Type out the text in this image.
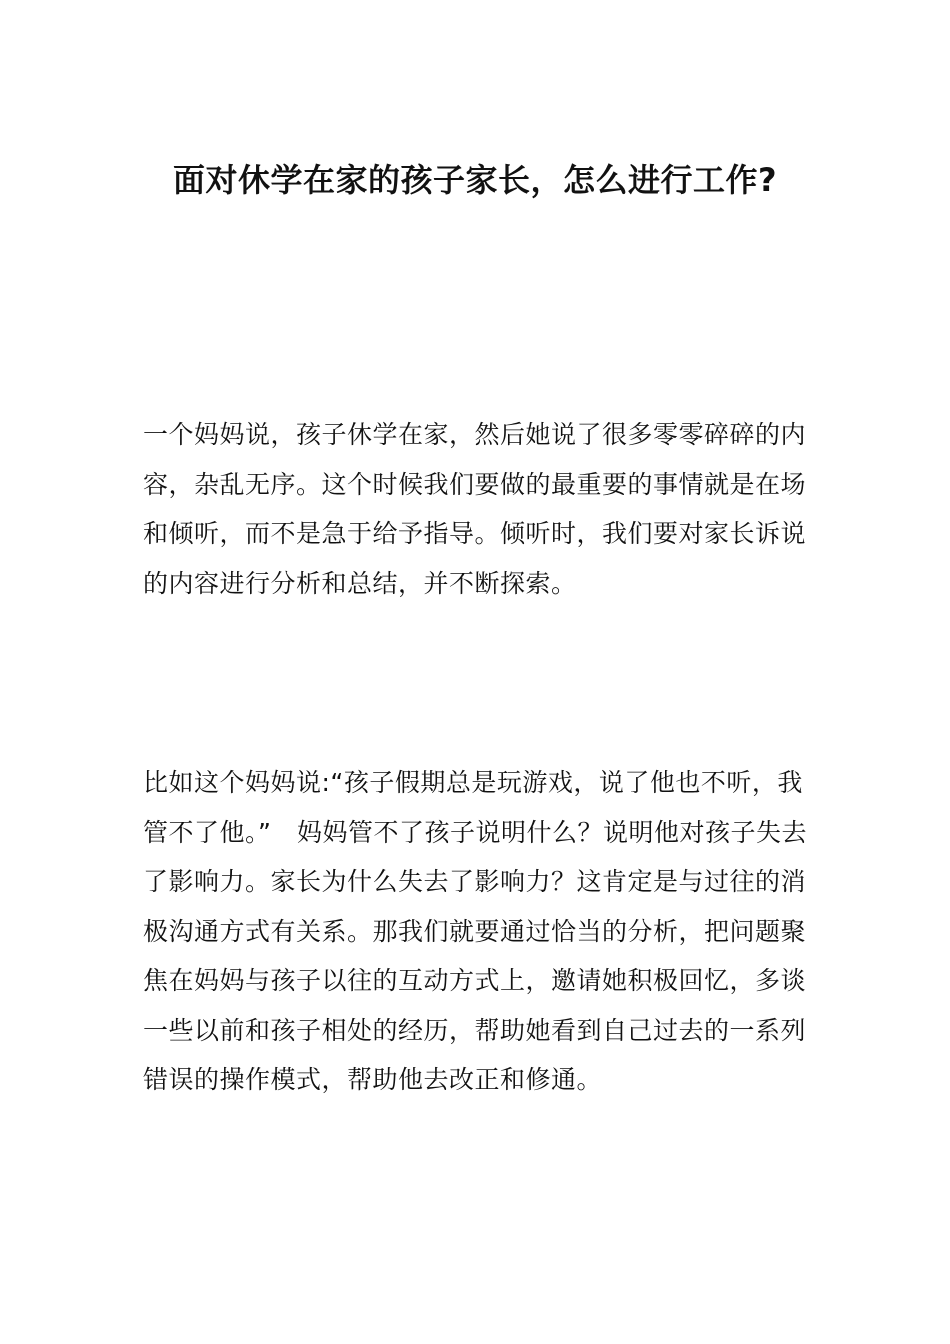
面对休学在家的孩子家长，怎么进行工作?

一个妈妈说，孩子休学在家，然后她说了很多零零碎碎的内容，杂乱无序。这个时候我们要做的最重要的事情就是在场和倾听，而不是急于给予指导。倾听时，我们要对家长诉说的内容进行分析和总结，并不断探索。

比如这个妈妈说:“孩子假期总是玩游戏，说了他也不听，我管不了他。”　妈妈管不了孩子说明什么？说明他对孩子失去了影响力。家长为什么失去了影响力？这肯定是与过往的消极沟通方式有关系。那我们就要通过恰当的分析，把问题聚焦在妈妈与孩子以往的互动方式上，邀请她积极回忆，多谈一些以前和孩子相处的经历，帮助她看到自己过去的一系列错误的操作模式，帮助他去改正和修通。
